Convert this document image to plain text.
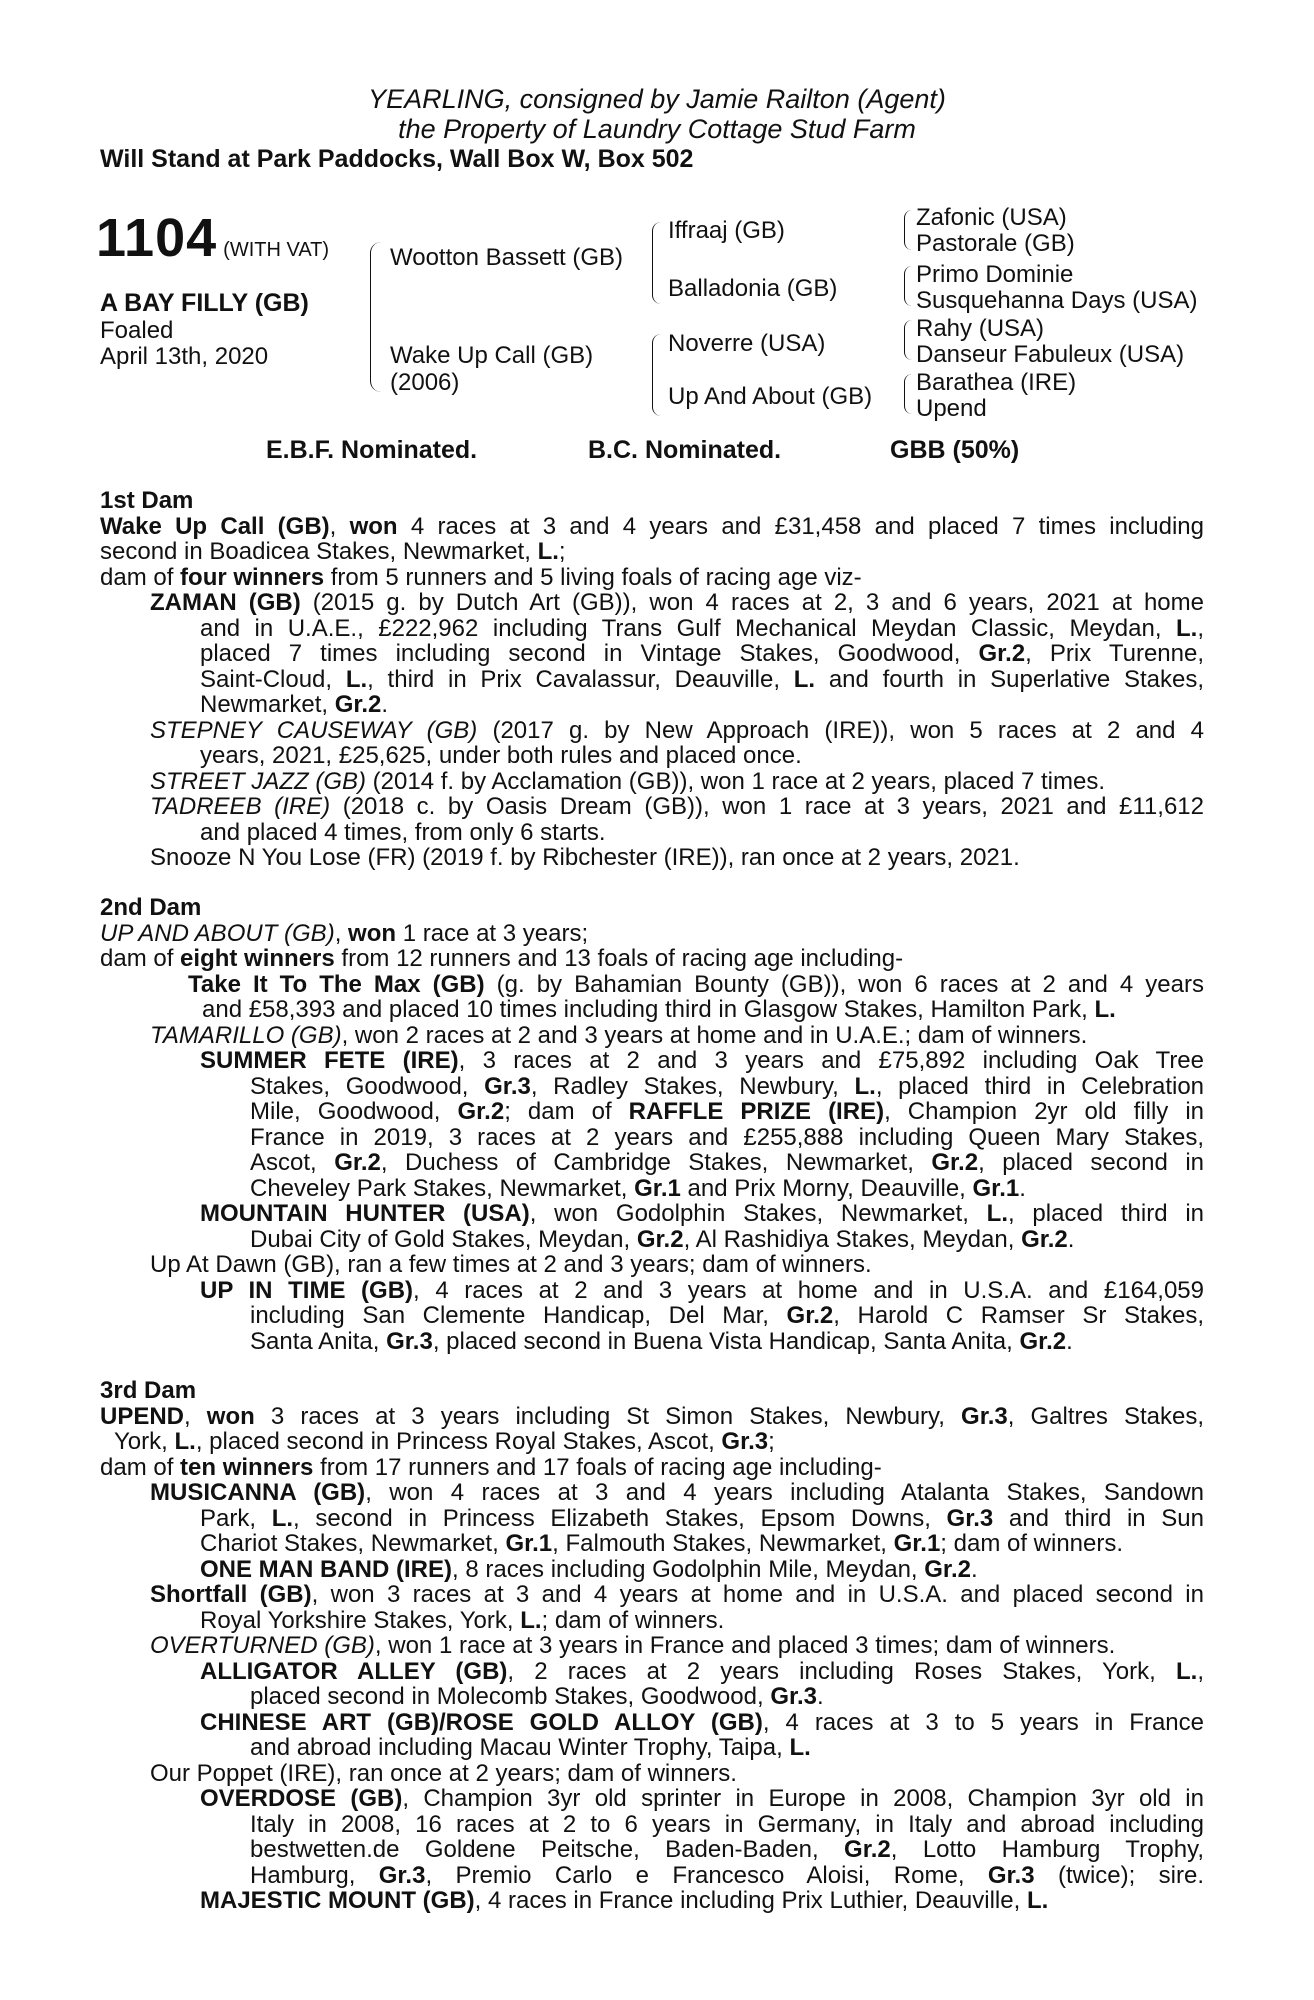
YEARLING, consigned by Jamie Railton (Agent)
the Property of Laundry Cottage Stud Farm
Will Stand at Park Paddocks, Wall Box W, Box 502
1104 (WITH VAT)
A BAY FILLY (GB)
Foaled
April 13th, 2020
Wootton Bassett (GB)
Wake Up Call (GB)
(2006)
Iffraaj (GB)
Balladonia (GB)
Noverre (USA)
Up And About (GB)
Zafonic (USA)
Pastorale (GB)
Primo Dominie
Susquehanna Days (USA)
Rahy (USA)
Danseur Fabuleux (USA)
Barathea (IRE)
Upend
E.B.F. Nominated.	B.C. Nominated.	GBB (50%)
1st Dam
Wake Up Call (GB), won 4 races at 3 and 4 years and £31,458 and placed 7 times including
second in Boadicea Stakes, Newmarket, L.;
dam of four winners from 5 runners and 5 living foals of racing age viz-
ZAMAN (GB) (2015 g. by Dutch Art (GB)), won 4 races at 2, 3 and 6 years, 2021 at home
and in U.A.E., £222,962 including Trans Gulf Mechanical Meydan Classic, Meydan, L.,
placed 7 times including second in Vintage Stakes, Goodwood, Gr.2, Prix Turenne,
Saint-Cloud, L., third in Prix Cavalassur, Deauville, L. and fourth in Superlative Stakes,
Newmarket, Gr.2.
STEPNEY CAUSEWAY (GB) (2017 g. by New Approach (IRE)), won 5 races at 2 and 4
years, 2021, £25,625, under both rules and placed once.
STREET JAZZ (GB) (2014 f. by Acclamation (GB)), won 1 race at 2 years, placed 7 times.
TADREEB (IRE) (2018 c. by Oasis Dream (GB)), won 1 race at 3 years, 2021 and £11,612
and placed 4 times, from only 6 starts.
Snooze N You Lose (FR) (2019 f. by Ribchester (IRE)), ran once at 2 years, 2021.
2nd Dam
UP AND ABOUT (GB), won 1 race at 3 years;
dam of eight winners from 12 runners and 13 foals of racing age including-
Take It To The Max (GB) (g. by Bahamian Bounty (GB)), won 6 races at 2 and 4 years
and £58,393 and placed 10 times including third in Glasgow Stakes, Hamilton Park, L.
TAMARILLO (GB), won 2 races at 2 and 3 years at home and in U.A.E.; dam of winners.
SUMMER FETE (IRE), 3 races at 2 and 3 years and £75,892 including Oak Tree
Stakes, Goodwood, Gr.3, Radley Stakes, Newbury, L., placed third in Celebration
Mile, Goodwood, Gr.2; dam of RAFFLE PRIZE (IRE), Champion 2yr old filly in
France in 2019, 3 races at 2 years and £255,888 including Queen Mary Stakes,
Ascot, Gr.2, Duchess of Cambridge Stakes, Newmarket, Gr.2, placed second in
Cheveley Park Stakes, Newmarket, Gr.1 and Prix Morny, Deauville, Gr.1.
MOUNTAIN HUNTER (USA), won Godolphin Stakes, Newmarket, L., placed third in
Dubai City of Gold Stakes, Meydan, Gr.2, Al Rashidiya Stakes, Meydan, Gr.2.
Up At Dawn (GB), ran a few times at 2 and 3 years; dam of winners.
UP IN TIME (GB), 4 races at 2 and 3 years at home and in U.S.A. and £164,059
including San Clemente Handicap, Del Mar, Gr.2, Harold C Ramser Sr Stakes,
Santa Anita, Gr.3, placed second in Buena Vista Handicap, Santa Anita, Gr.2.
3rd Dam
UPEND, won 3 races at 3 years including St Simon Stakes, Newbury, Gr.3, Galtres Stakes,
York, L., placed second in Princess Royal Stakes, Ascot, Gr.3;
dam of ten winners from 17 runners and 17 foals of racing age including-
MUSICANNA (GB), won 4 races at 3 and 4 years including Atalanta Stakes, Sandown
Park, L., second in Princess Elizabeth Stakes, Epsom Downs, Gr.3 and third in Sun
Chariot Stakes, Newmarket, Gr.1, Falmouth Stakes, Newmarket, Gr.1; dam of winners.
ONE MAN BAND (IRE), 8 races including Godolphin Mile, Meydan, Gr.2.
Shortfall (GB), won 3 races at 3 and 4 years at home and in U.S.A. and placed second in
Royal Yorkshire Stakes, York, L.; dam of winners.
OVERTURNED (GB), won 1 race at 3 years in France and placed 3 times; dam of winners.
ALLIGATOR ALLEY (GB), 2 races at 2 years including Roses Stakes, York, L.,
placed second in Molecomb Stakes, Goodwood, Gr.3.
CHINESE ART (GB)/ROSE GOLD ALLOY (GB), 4 races at 3 to 5 years in France
and abroad including Macau Winter Trophy, Taipa, L.
Our Poppet (IRE), ran once at 2 years; dam of winners.
OVERDOSE (GB), Champion 3yr old sprinter in Europe in 2008, Champion 3yr old in
Italy in 2008, 16 races at 2 to 6 years in Germany, in Italy and abroad including
bestwetten.de Goldene Peitsche, Baden-Baden, Gr.2, Lotto Hamburg Trophy,
Hamburg, Gr.3, Premio Carlo e Francesco Aloisi, Rome, Gr.3 (twice); sire.
MAJESTIC MOUNT (GB), 4 races in France including Prix Luthier, Deauville, L.
